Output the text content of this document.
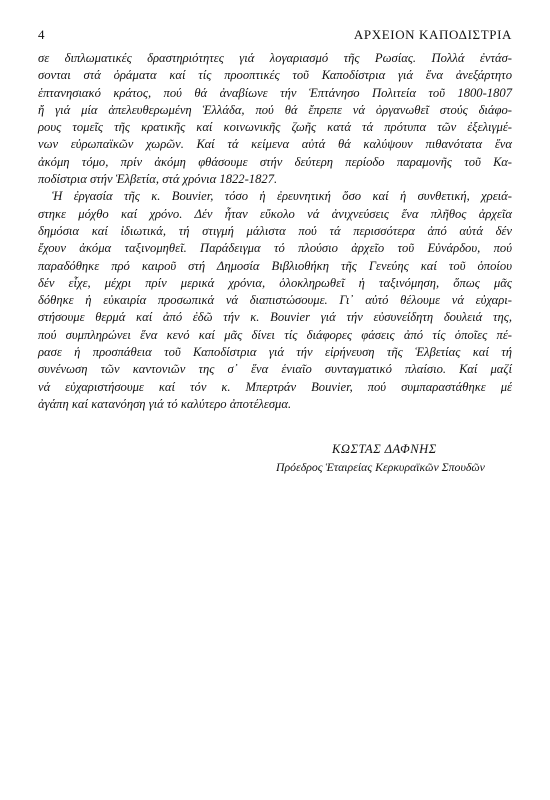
4	ΑΡΧΕΙΟΝ ΚΑΠΟΔΙΣΤΡΙΑ
σε διπλωματικές δραστηριότητες γιά λογαριασμό τῆς Ρωσίας. Πολλά ἐντάσ-
σονται στά ὁράματα καί τίς προοπτικές τοῦ Καποδίστρια γιά ἕνα ἀνεξάρτητο
ἑπτανησιακό κράτος, πού θά ἀναβίωνε τήν Ἑπτάνησο Πολιτεία τοῦ 1800-1807
ἤ γιά μία ἀπελευθερωμένη Ἑλλάδα, πού θά ἔπρεπε νά ὀργανωθεῖ στούς διάφο-
ρους τομεῖς τῆς κρατικῆς καί κοινωνικῆς ζωῆς κατά τά πρότυπα τῶν ἐξελιγμέ-
νων εὐρωπαϊκῶν χωρῶν. Καί τά κείμενα αὐτά θά καλύψουν πιθανότατα ἕνα
ἀκόμη τόμο, πρίν ἀκόμη φθάσουμε στήν δεύτερη περίοδο παραμονῆς τοῦ Κα-
ποδίστρια στήν Ἑλβετία, στά χρόνια 1822-1827.
Ἡ ἐργασία τῆς κ. Bouvier, τόσο ἡ ἐρευνητική ὅσο καί ἡ συνθετική, χρειά-
στηκε μόχθο καί χρόνο. Δέν ἦταν εὔκολο νά ἀνιχνεύσεις ἕνα πλῆθος ἀρχεῖα
δημόσια καί ἰδιωτικά, τή στιγμή μάλιστα πού τά περισσότερα ἀπό αὐτά δέν
ἔχουν ἀκόμα ταξινομηθεῖ. Παράδειγμα τό πλούσιο ἀρχεῖο τοῦ Εὐνάρδου, πού
παραδόθηκε πρό καιροῦ στή Δημοσία Βιβλιοθήκη τῆς Γενεύης καί τοῦ ὁποίου
δέν εἶχε, μέχρι πρίν μερικά χρόνια, ὁλοκληρωθεῖ ἡ ταξινόμηση, ὅπως μᾶς
δόθηκε ἡ εὐκαιρία προσωπικά νά διαπιστώσουμε. Γι᾿ αὐτό θέλουμε νά εὐχαρι-
στήσουμε θερμά καί ἀπό ἐδῶ τήν κ. Bouvier γιά τήν εὐσυνείδητη δουλειά της,
πού συμπληρώνει ἕνα κενό καί μᾶς δίνει τίς διάφορες φάσεις ἀπό τίς ὁποῖες πέ-
ρασε ἡ προσπάθεια τοῦ Καποδίστρια γιά τήν εἰρήνευση τῆς Ἑλβετίας καί τή
συνένωση τῶν καντονιῶν της σ᾿ ἕνα ἑνιαῖο συνταγματικό πλαίσιο. Καί μαζί
νά εὐχαριστήσουμε καί τόν κ. Μπερτράν Bouvier, πού συμπαραστάθηκε μέ
ἀγάπη καί κατανόηση γιά τό καλύτερο ἀποτέλεσμα.
ΚΩΣΤΑΣ ΔΑΦΝΗΣ
Πρόεδρος Ἑταιρείας Κερκυραϊκῶν Σπουδῶν
